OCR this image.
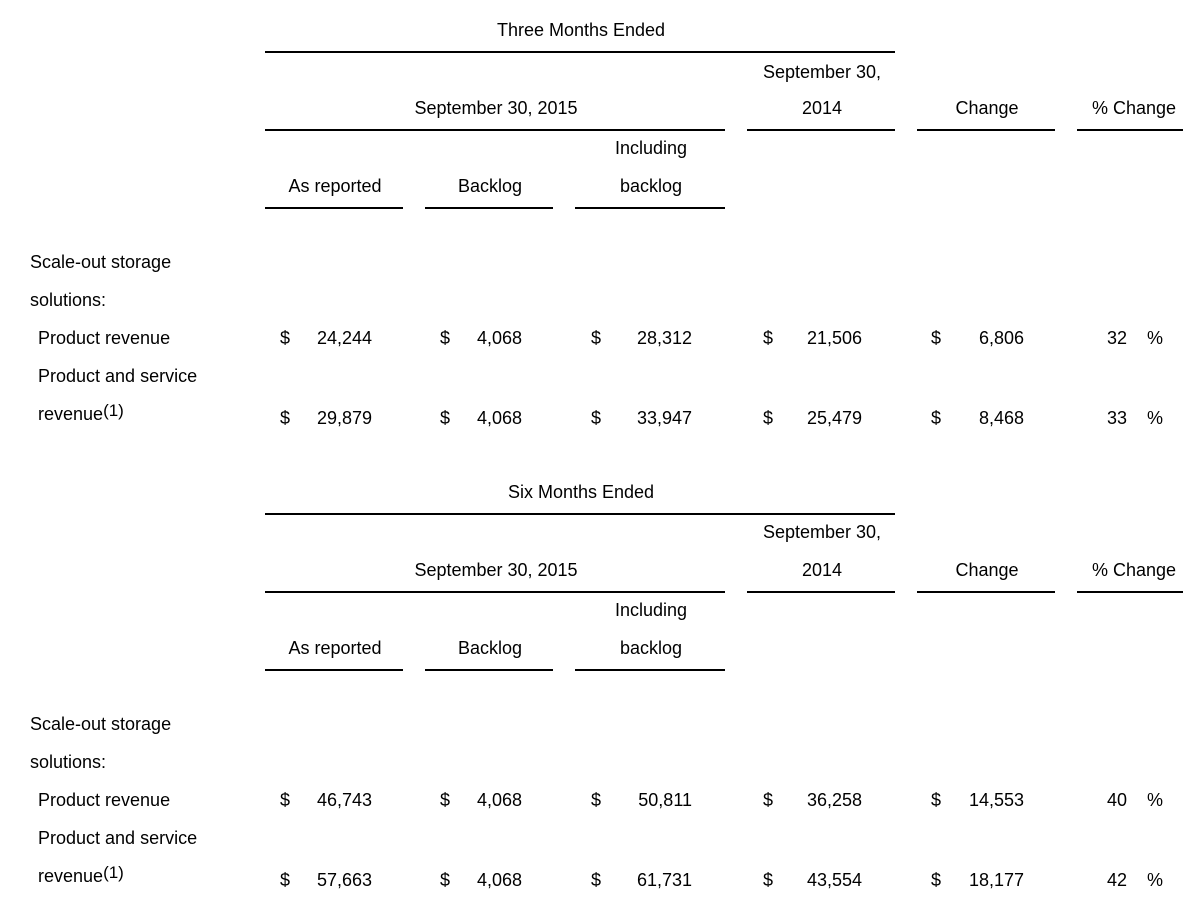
Three Months Ended
September 30,
September 30, 2015	2014	Change	% Change
Including
As reported	Backlog	backlog
Scale-out storage
solutions:
Product revenue	$ 24,244	$ 4,068	$ 28,312	$ 21,506	$ 6,806	32 %
Product and service
revenue$^{(1)}$	$ 29,879	$ 4,068	$ 33,947	$ 25,479	$ 8,468	33 %
Six Months Ended
September 30,
September 30, 2015	2014	Change	% Change
Including
As reported	Backlog	backlog
Scale-out storage
solutions:
Product revenue	$ 46,743	$ 4,068	$ 50,811	$ 36,258	$ 14,553	40 %
Product and service
revenue$^{(1)}$	$ 57,663	$ 4,068	$ 61,731	$ 43,554	$ 18,177	42 %
